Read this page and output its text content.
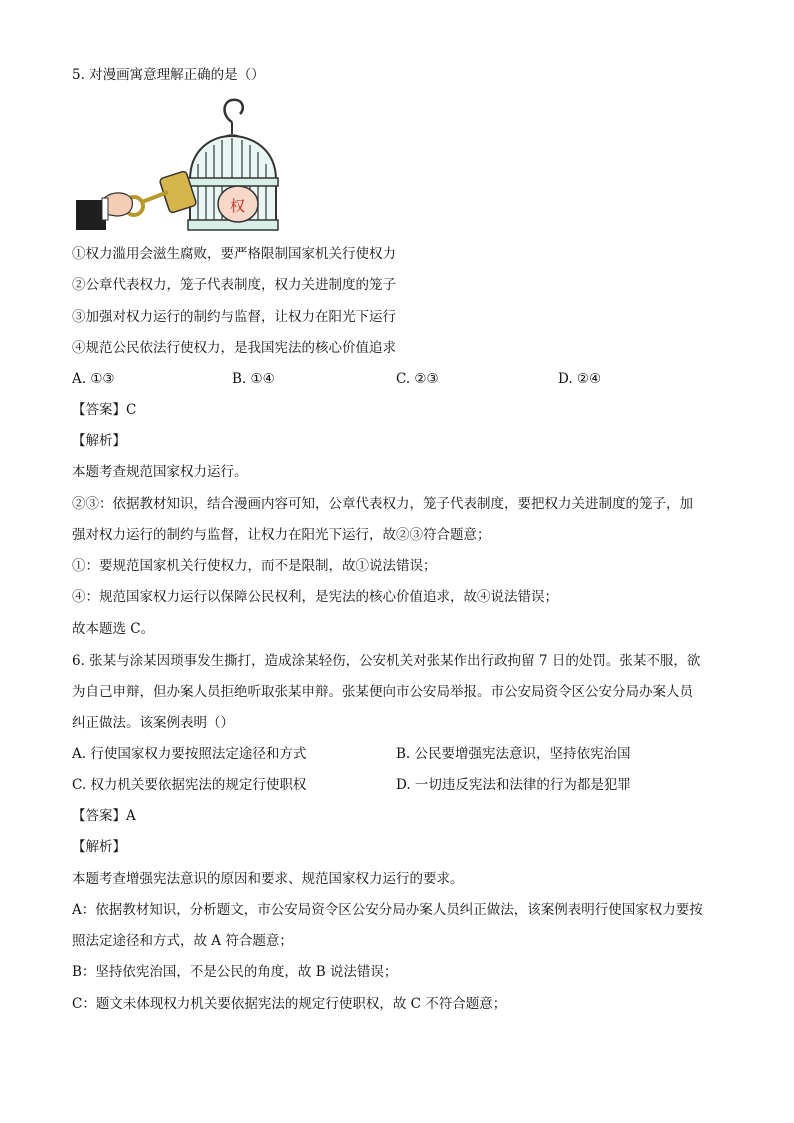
5. 对漫画寓意理解正确的是（）
权
①权力滥用会滋生腐败，要严格限制国家机关行使权力
②公章代表权力，笼子代表制度，权力关进制度的笼子
③加强对权力运行的制约与监督，让权力在阳光下运行
④规范公民依法行使权力，是我国宪法的核心价值追求
A. ①③	B. ①④	C. ②③	D. ②④
【答案】C
【解析】
本题考查规范国家权力运行。
②③：依据教材知识，结合漫画内容可知，公章代表权力，笼子代表制度，要把权力关进制度的笼子，加
强对权力运行的制约与监督，让权力在阳光下运行，故②③符合题意；
①：要规范国家机关行使权力，而不是限制，故①说法错误；
④：规范国家权力运行以保障公民权利，是宪法的核心价值追求，故④说法错误；
故本题选 C。
6. 张某与涂某因琐事发生撕打，造成涂某轻伤，公安机关对张某作出行政拘留 7 日的处罚。张某不服，欲
为自己申辩，但办案人员拒绝听取张某申辩。张某便向市公安局举报。市公安局资令区公安分局办案人员
纠正做法。该案例表明（）
A. 行使国家权力要按照法定途径和方式	B. 公民要增强宪法意识，坚持依宪治国
C. 权力机关要依据宪法的规定行使职权	D. 一切违反宪法和法律的行为都是犯罪
【答案】A
【解析】
本题考查增强宪法意识的原因和要求、规范国家权力运行的要求。
A：依据教材知识，分析题文，市公安局资令区公安分局办案人员纠正做法，该案例表明行使国家权力要按
照法定途径和方式，故 A 符合题意；
B：坚持依宪治国，不是公民的角度，故 B 说法错误；
C：题文未体现权力机关要依据宪法的规定行使职权，故 C 不符合题意；
